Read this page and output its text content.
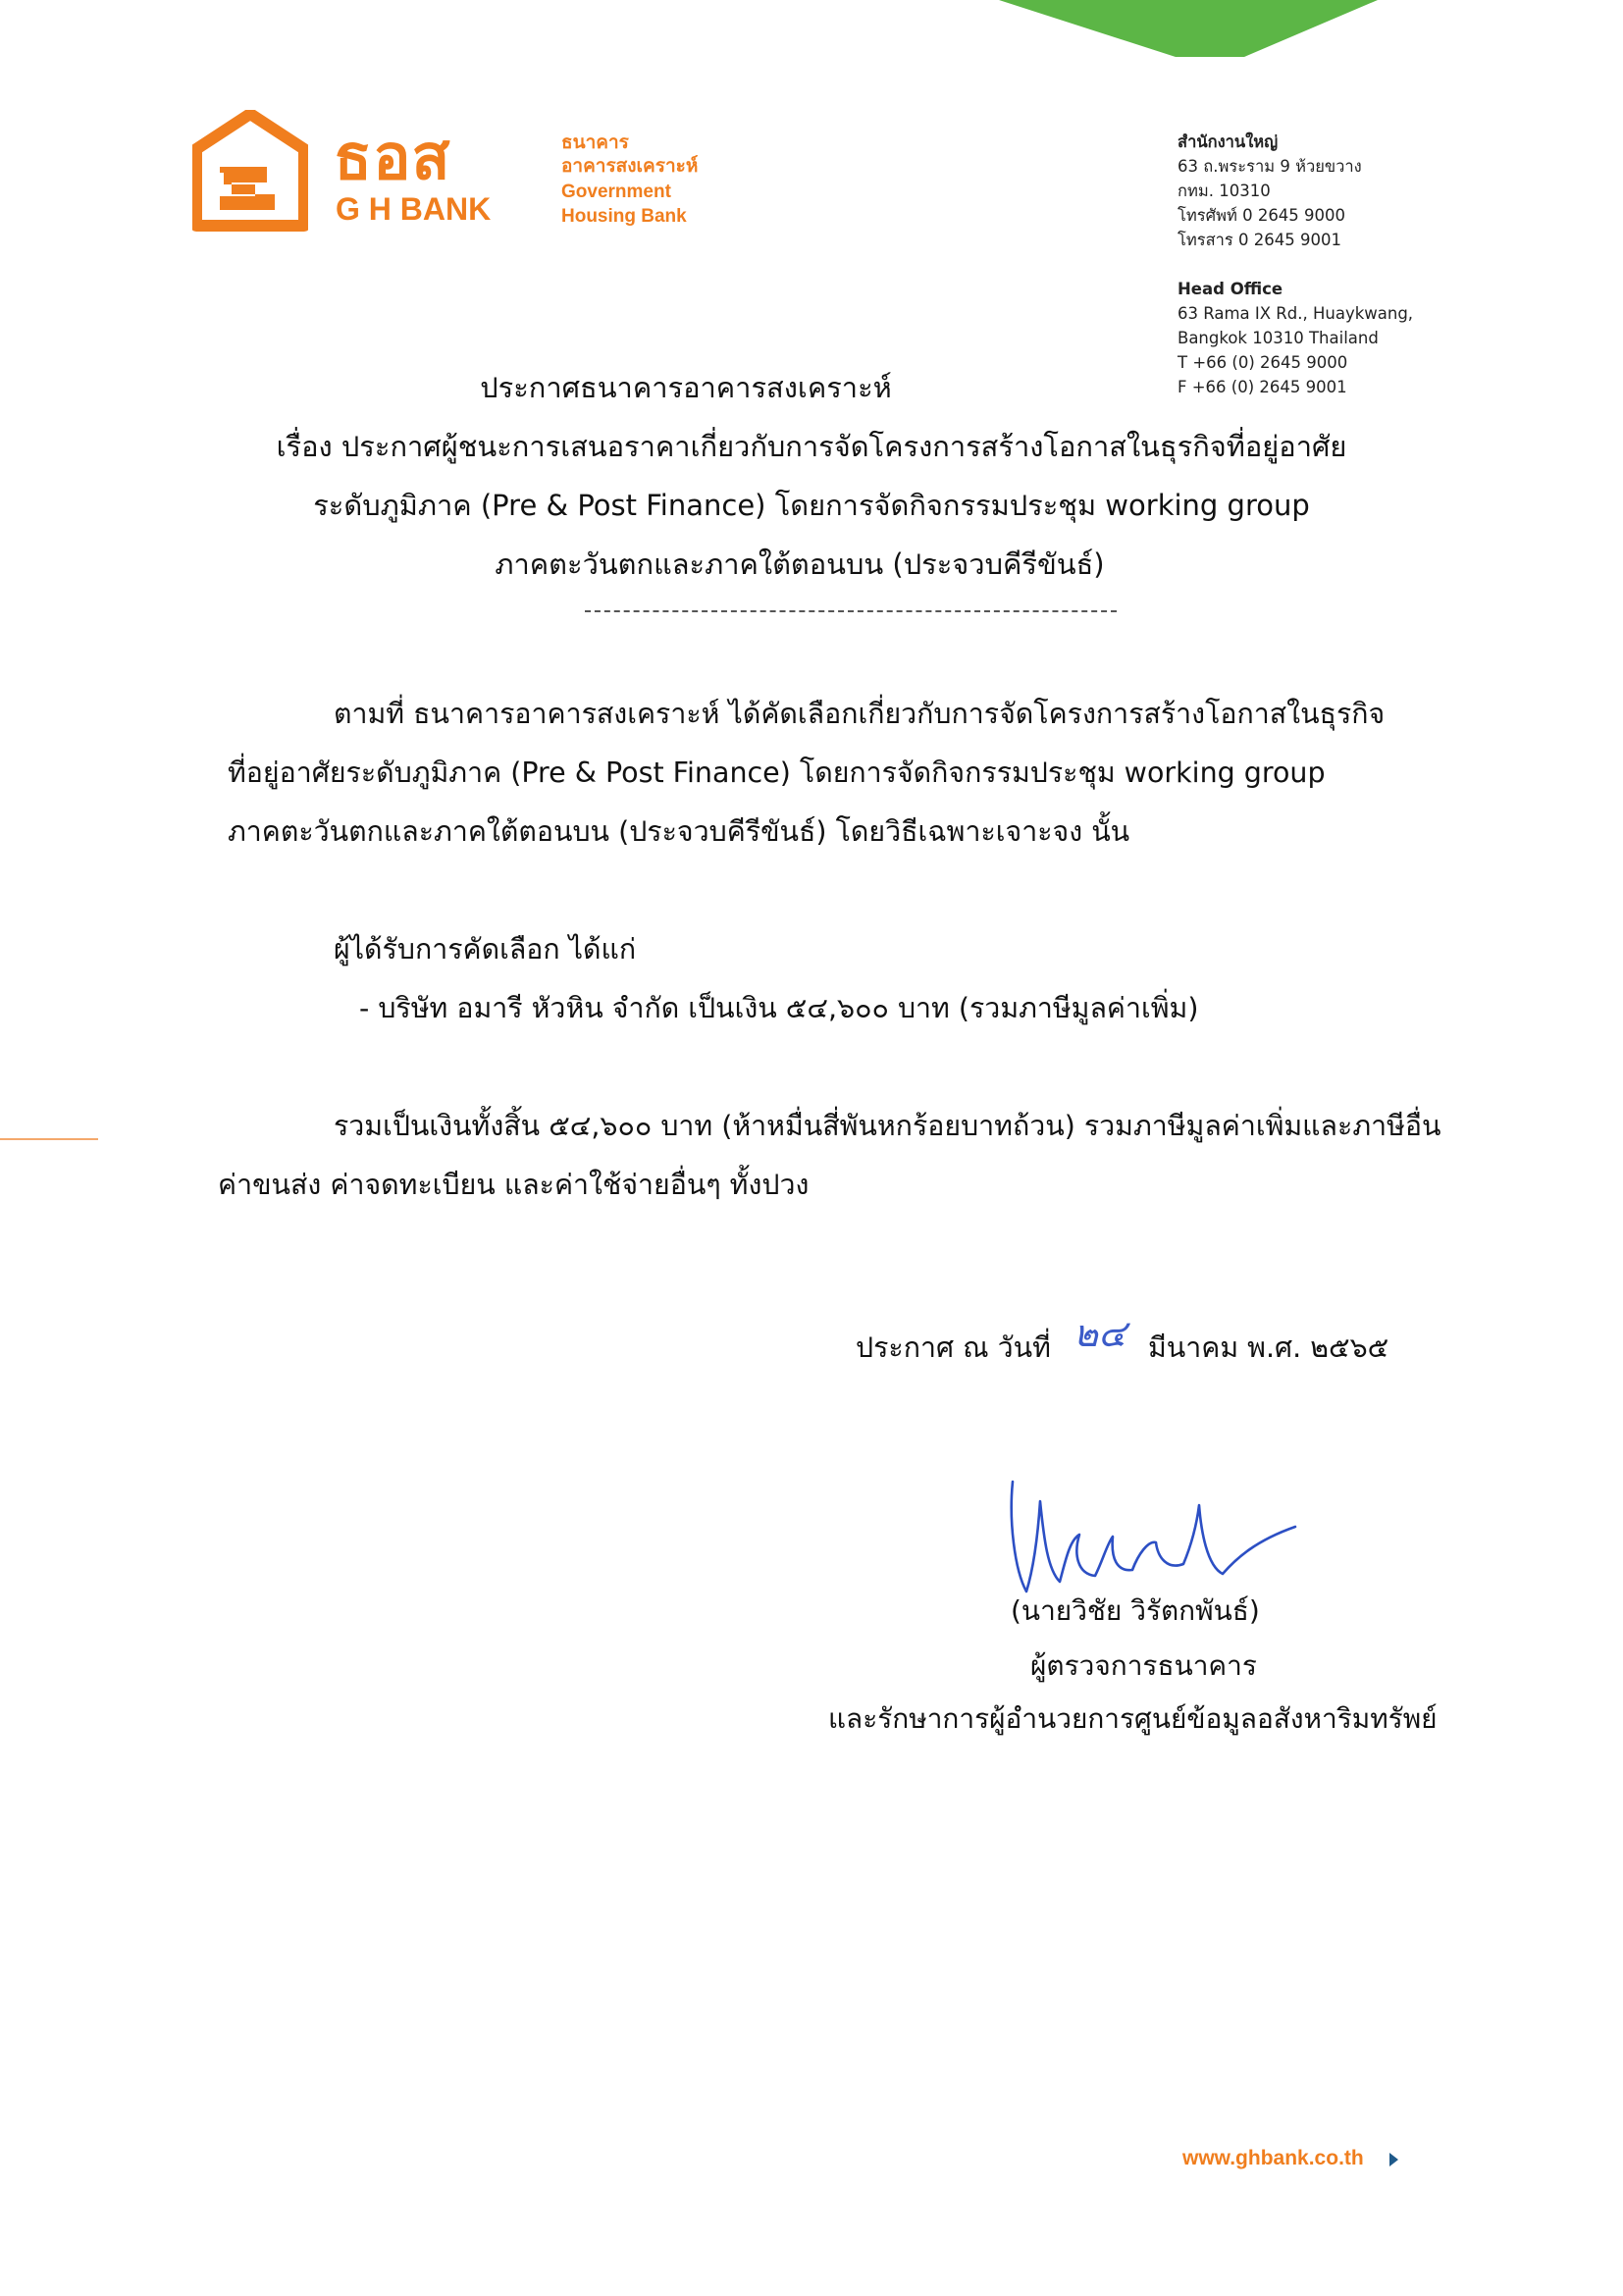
ธอส
G H BANK
ธนาคาร
อาคารสงเคราะห์
Government
Housing Bank
สำนักงานใหญ่
63 ถ.พระราม 9 ห้วยขวาง
กทม. 10310
โทรศัพท์ 0 2645 9000
โทรสาร 0 2645 9001
Head Office
63 Rama IX Rd., Huaykwang,
Bangkok 10310 Thailand
T +66 (0) 2645 9000
F +66 (0) 2645 9001
ประกาศธนาคารอาคารสงเคราะห์
เรื่อง ประกาศผู้ชนะการเสนอราคาเกี่ยวกับการจัดโครงการสร้างโอกาสในธุรกิจที่อยู่อาศัย
ระดับภูมิภาค (Pre & Post Finance) โดยการจัดกิจกรรมประชุม working group
ภาคตะวันตกและภาคใต้ตอนบน (ประจวบคีรีขันธ์)
ตามที่ ธนาคารอาคารสงเคราะห์ ได้คัดเลือกเกี่ยวกับการจัดโครงการสร้างโอกาสในธุรกิจ
ที่อยู่อาศัยระดับภูมิภาค (Pre & Post Finance) โดยการจัดกิจกรรมประชุม working group
ภาคตะวันตกและภาคใต้ตอนบน (ประจวบคีรีขันธ์) โดยวิธีเฉพาะเจาะจง นั้น
ผู้ได้รับการคัดเลือก ได้แก่
- บริษัท อมารี หัวหิน จำกัด เป็นเงิน ๕๔,๖๐๐ บาท (รวมภาษีมูลค่าเพิ่ม)
รวมเป็นเงินทั้งสิ้น ๕๔,๖๐๐ บาท (ห้าหมื่นสี่พันหกร้อยบาทถ้วน) รวมภาษีมูลค่าเพิ่มและภาษีอื่น
ค่าขนส่ง ค่าจดทะเบียน และค่าใช้จ่ายอื่นๆ ทั้งปวง
ประกาศ ณ วันที่ ๒๔ มีนาคม พ.ศ. ๒๕๖๕
(นายวิชัย วิรัตกพันธ์)
ผู้ตรวจการธนาคาร
และรักษาการผู้อำนวยการศูนย์ข้อมูลอสังหาริมทรัพย์
www.ghbank.co.th
